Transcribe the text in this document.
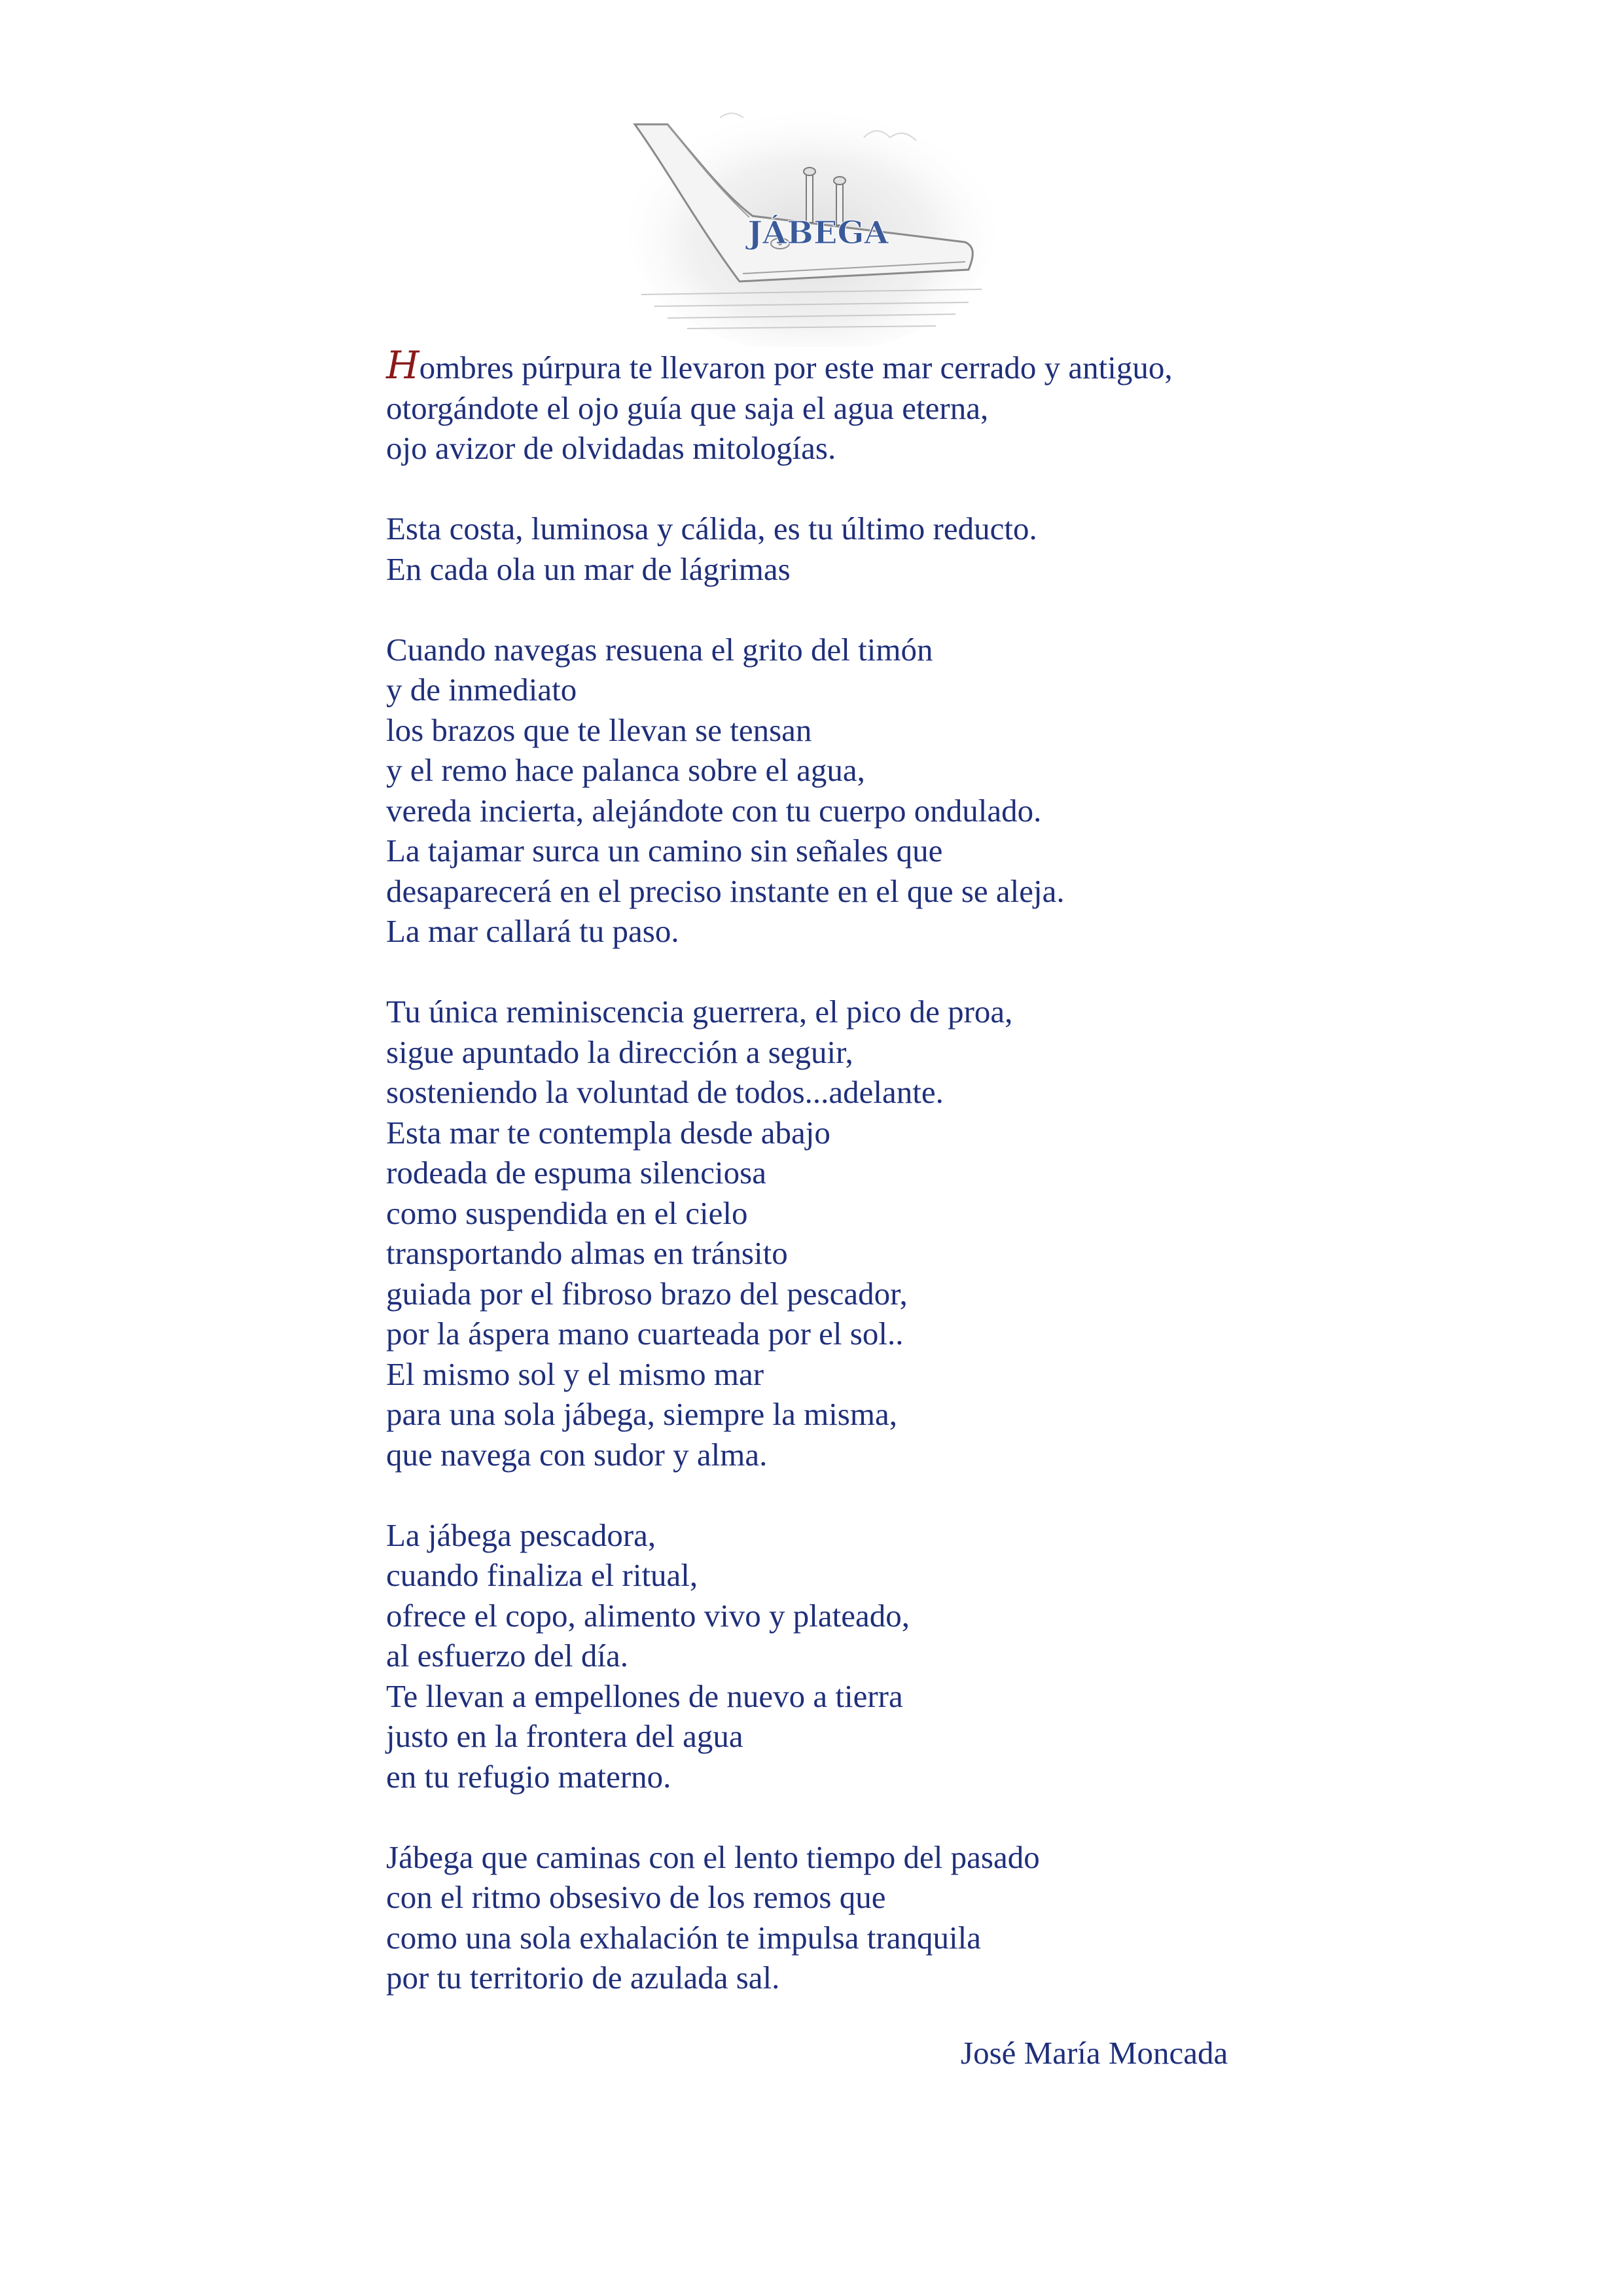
JÁBEGA
Hombres púrpura te llevaron por este mar cerrado y antiguo,
otorgándote el ojo guía que saja el agua eterna,
ojo avizor de olvidadas mitologías.
Esta costa, luminosa y cálida, es tu último reducto.
En cada ola un mar de lágrimas
Cuando navegas resuena el grito del timón
y de inmediato
los brazos que te llevan se tensan
y el remo hace palanca sobre el agua,
vereda incierta, alejándote con tu cuerpo ondulado.
La tajamar surca un camino sin señales que
desaparecerá en el preciso instante en el que se aleja.
La mar callará tu paso.
Tu única reminiscencia guerrera, el pico de proa,
sigue apuntado la dirección a seguir,
sosteniendo la voluntad de todos...adelante.
Esta mar te contempla desde abajo
rodeada de espuma silenciosa
como suspendida en el cielo
transportando almas en tránsito
guiada por el fibroso brazo del pescador,
por la áspera mano cuarteada por el sol..
El mismo sol y el mismo mar
para una sola jábega, siempre la misma,
que navega con sudor y alma.
La jábega pescadora,
cuando finaliza el ritual,
ofrece el copo, alimento vivo y plateado,
al esfuerzo del día.
Te llevan a empellones de nuevo a tierra
justo en la frontera del agua
en tu refugio materno.
Jábega que caminas con el lento tiempo del pasado
con el ritmo obsesivo de los remos que
como una sola exhalación te impulsa tranquila
por tu territorio de azulada sal.
José María Moncada
